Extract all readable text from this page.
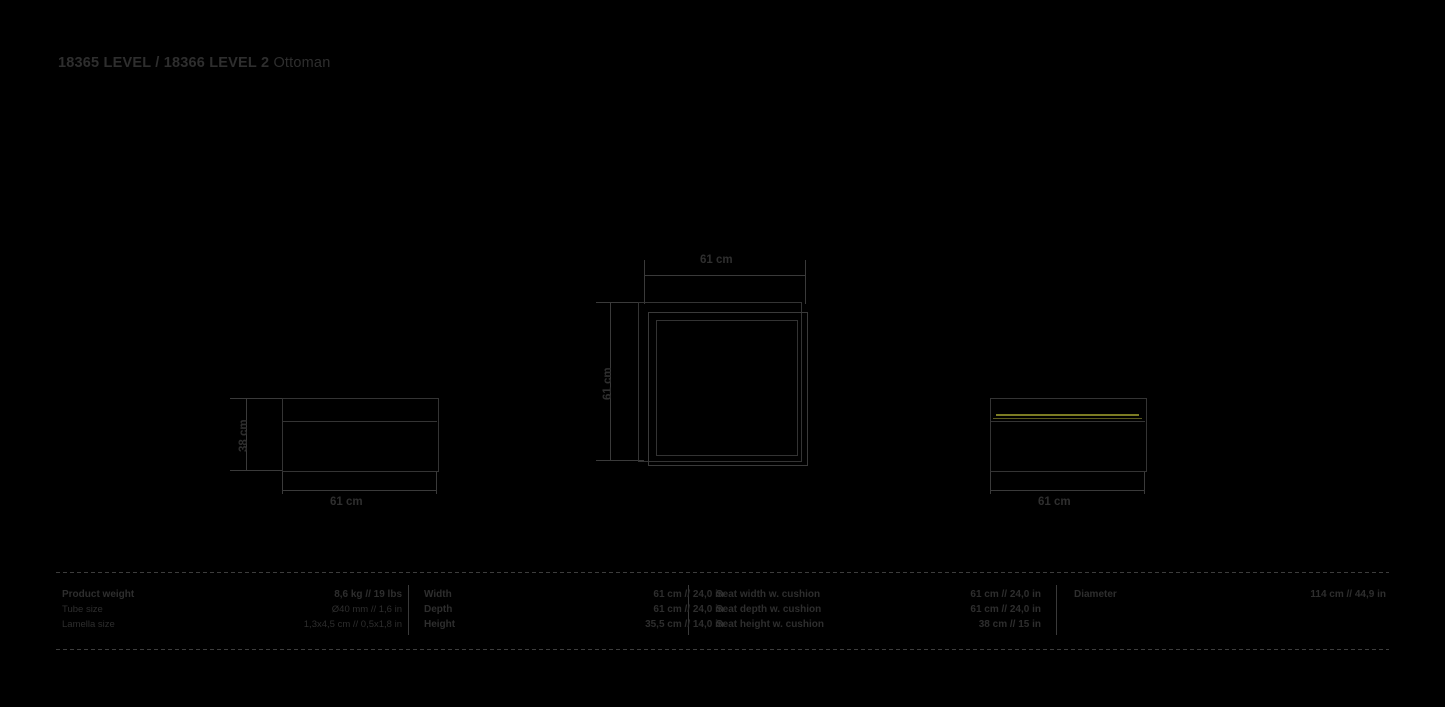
18365 LEVEL / 18366 LEVEL 2 Ottoman
38 cm
61 cm
61 cm
61 cm
61 cm
Product weight	8,6 kg // 19 lbs
Tube size	Ø40 mm // 1,6 in
Lamella size	1,3x4,5 cm // 0,5x1,8 in
Width	61 cm // 24,0 in
Depth	61 cm // 24,0 in
Height	35,5 cm // 14,0 in
Seat width w. cushion	61 cm // 24,0 in
Seat depth w. cushion	61 cm // 24,0 in
Seat height w. cushion	38 cm // 15 in
Diameter	114 cm // 44,9 in
